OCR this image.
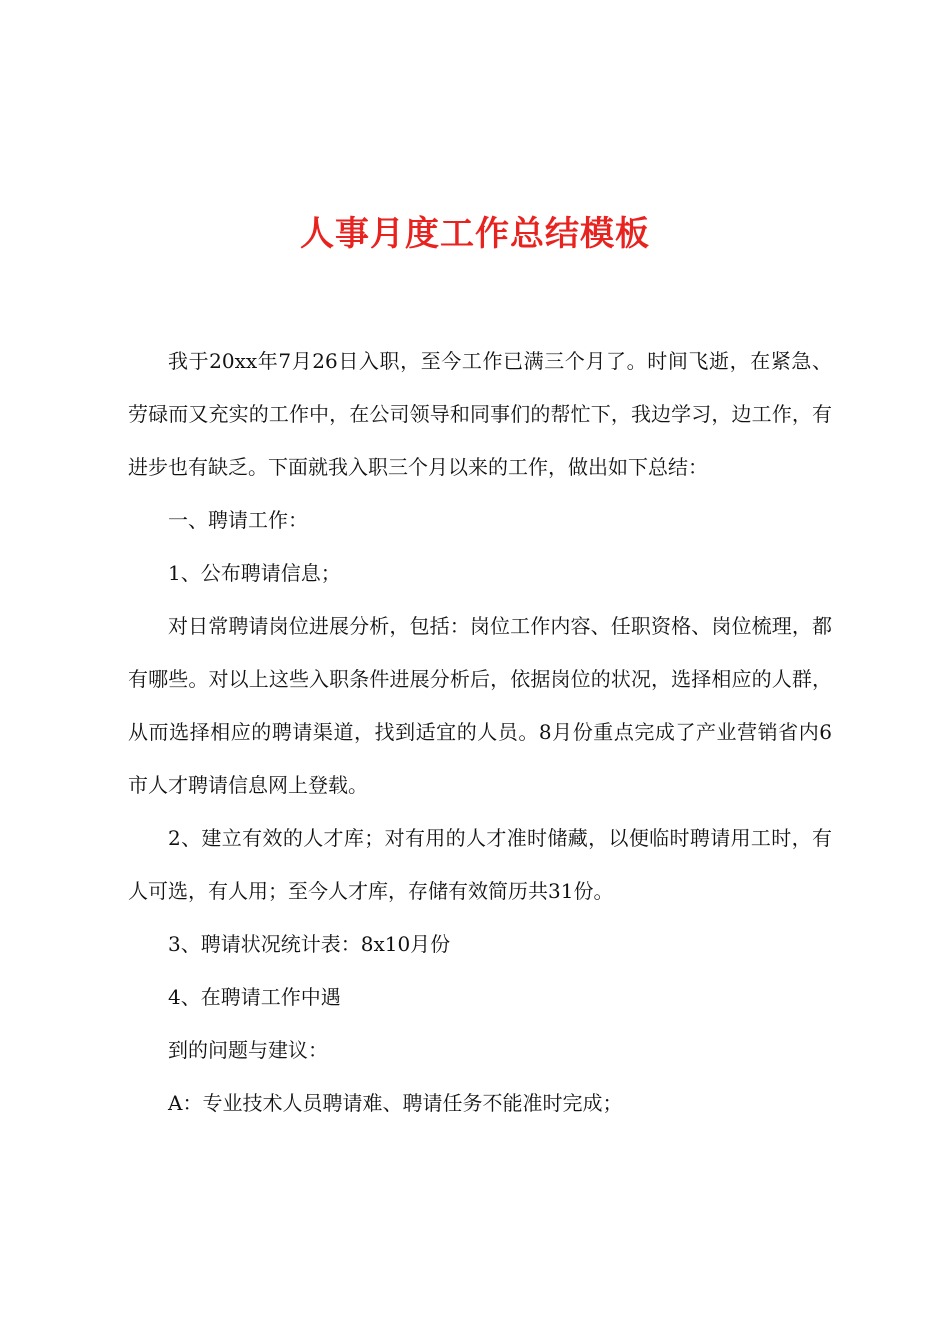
人事月度工作总结模板

我于20xx年7月26日入职，至今工作已满三个月了。时间飞逝，在紧急、劳碌而又充实的工作中，在公司领导和同事们的帮忙下，我边学习，边工作，有进步也有缺乏。下面就我入职三个月以来的工作，做出如下总结：

一、聘请工作：

1、公布聘请信息；

对日常聘请岗位进展分析，包括：岗位工作内容、任职资格、岗位梳理，都有哪些。对以上这些入职条件进展分析后，依据岗位的状况，选择相应的人群，从而选择相应的聘请渠道，找到适宜的人员。8月份重点完成了产业营销省内6市人才聘请信息网上登载。

2、建立有效的人才库；对有用的人才准时储藏，以便临时聘请用工时，有人可选，有人用；至今人才库，存储有效简历共31份。

3、聘请状况统计表：8x10月份

4、在聘请工作中遇

到的问题与建议：

A：专业技术人员聘请难、聘请任务不能准时完成；
